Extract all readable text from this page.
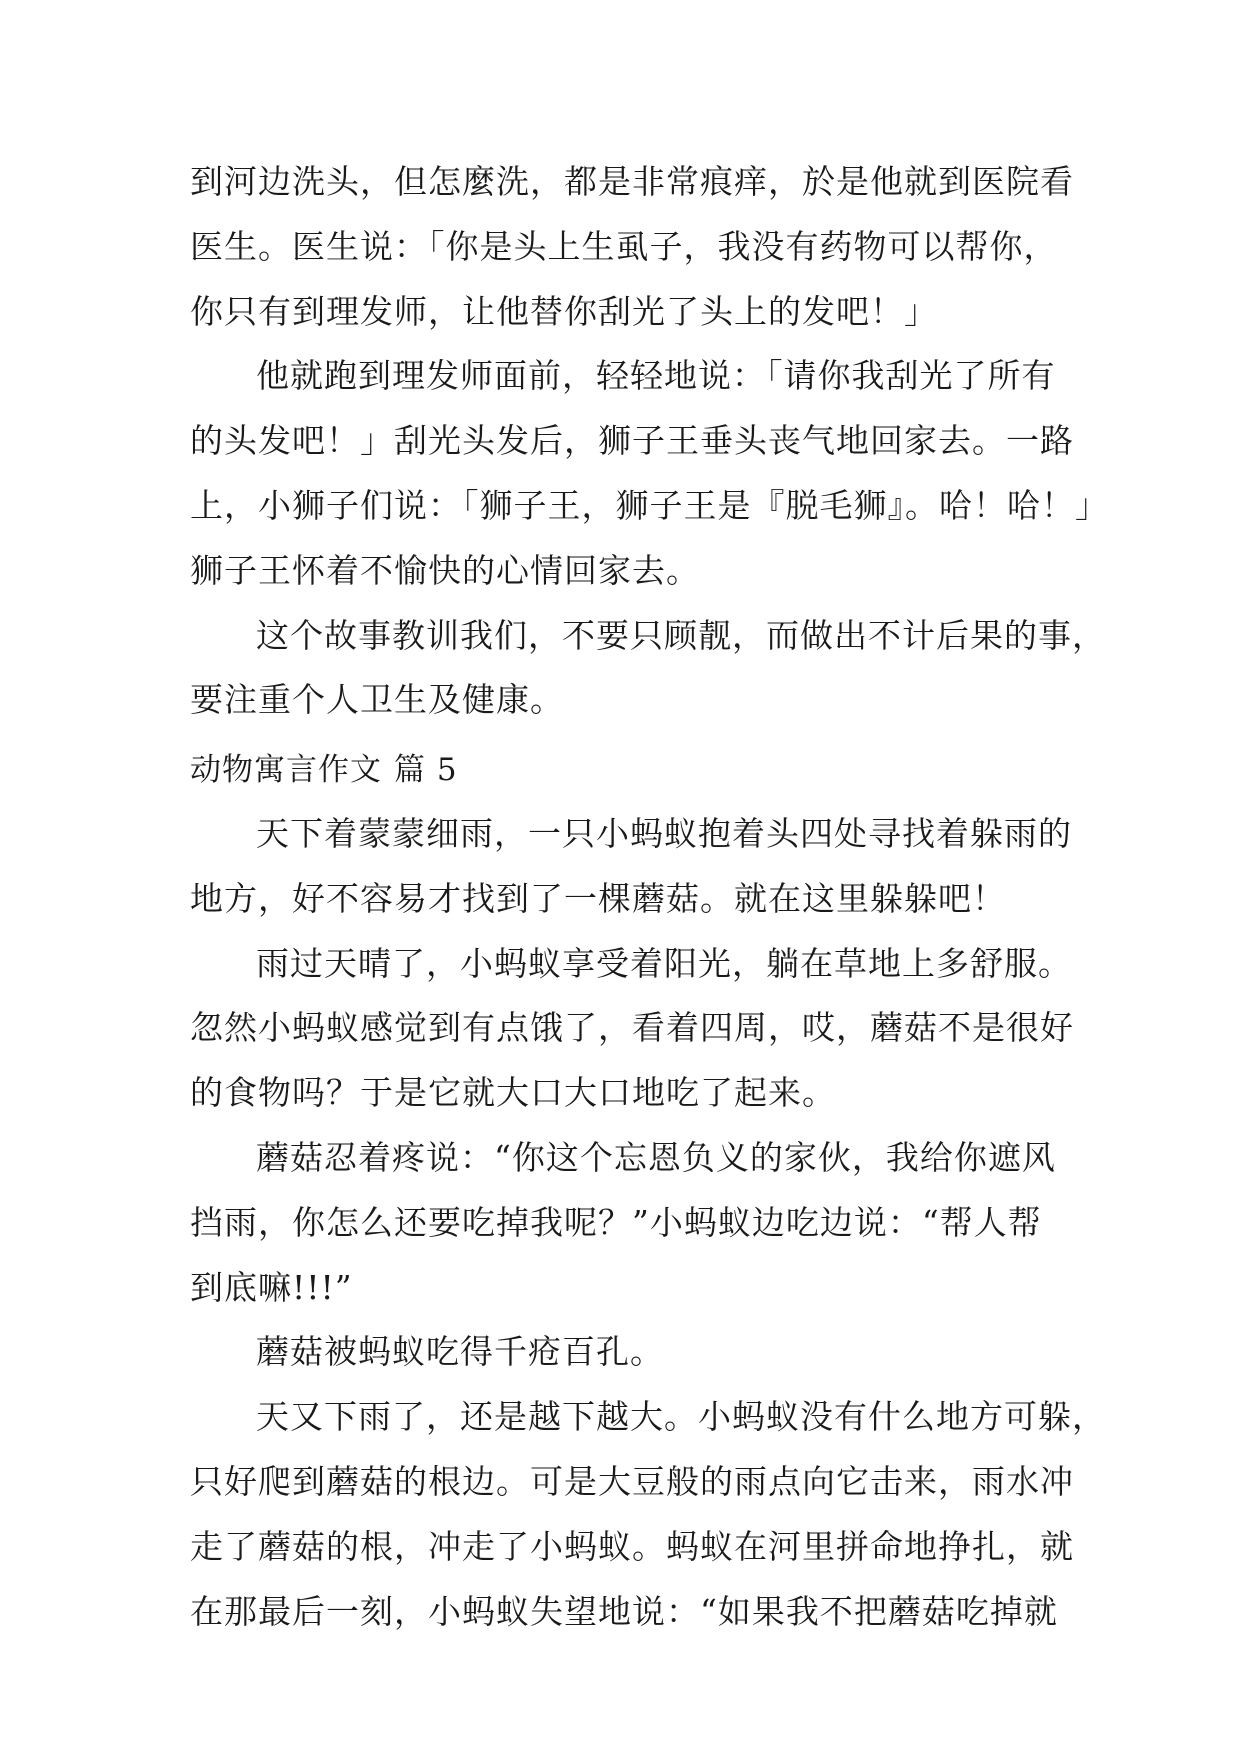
到河边洗头，但怎麼洗，都是非常痕痒，於是他就到医院看
医生。医生说：「你是头上生虱子，我没有药物可以帮你，
你只有到理发师，让他替你刮光了头上的发吧！」
他就跑到理发师面前，轻轻地说：「请你我刮光了所有
的头发吧！」刮光头发后，狮子王垂头丧气地回家去。一路
上，小狮子们说：「狮子王，狮子王是『脱毛狮』。哈！哈！」
狮子王怀着不愉快的心情回家去。
这个故事教训我们，不要只顾靓，而做出不计后果的事，
要注重个人卫生及健康。
动物寓言作文 篇 5
天下着蒙蒙细雨，一只小蚂蚁抱着头四处寻找着躲雨的
地方，好不容易才找到了一棵蘑菇。就在这里躲躲吧！
雨过天晴了，小蚂蚁享受着阳光，躺在草地上多舒服。
忽然小蚂蚁感觉到有点饿了，看着四周，哎，蘑菇不是很好
的食物吗？于是它就大口大口地吃了起来。
蘑菇忍着疼说：“你这个忘恩负义的家伙，我给你遮风
挡雨，你怎么还要吃掉我呢？”小蚂蚁边吃边说：“帮人帮
到底嘛!!!”
蘑菇被蚂蚁吃得千疮百孔。
天又下雨了，还是越下越大。小蚂蚁没有什么地方可躲，
只好爬到蘑菇的根边。可是大豆般的雨点向它击来，雨水冲
走了蘑菇的根，冲走了小蚂蚁。蚂蚁在河里拼命地挣扎，就
在那最后一刻，小蚂蚁失望地说：“如果我不把蘑菇吃掉就
